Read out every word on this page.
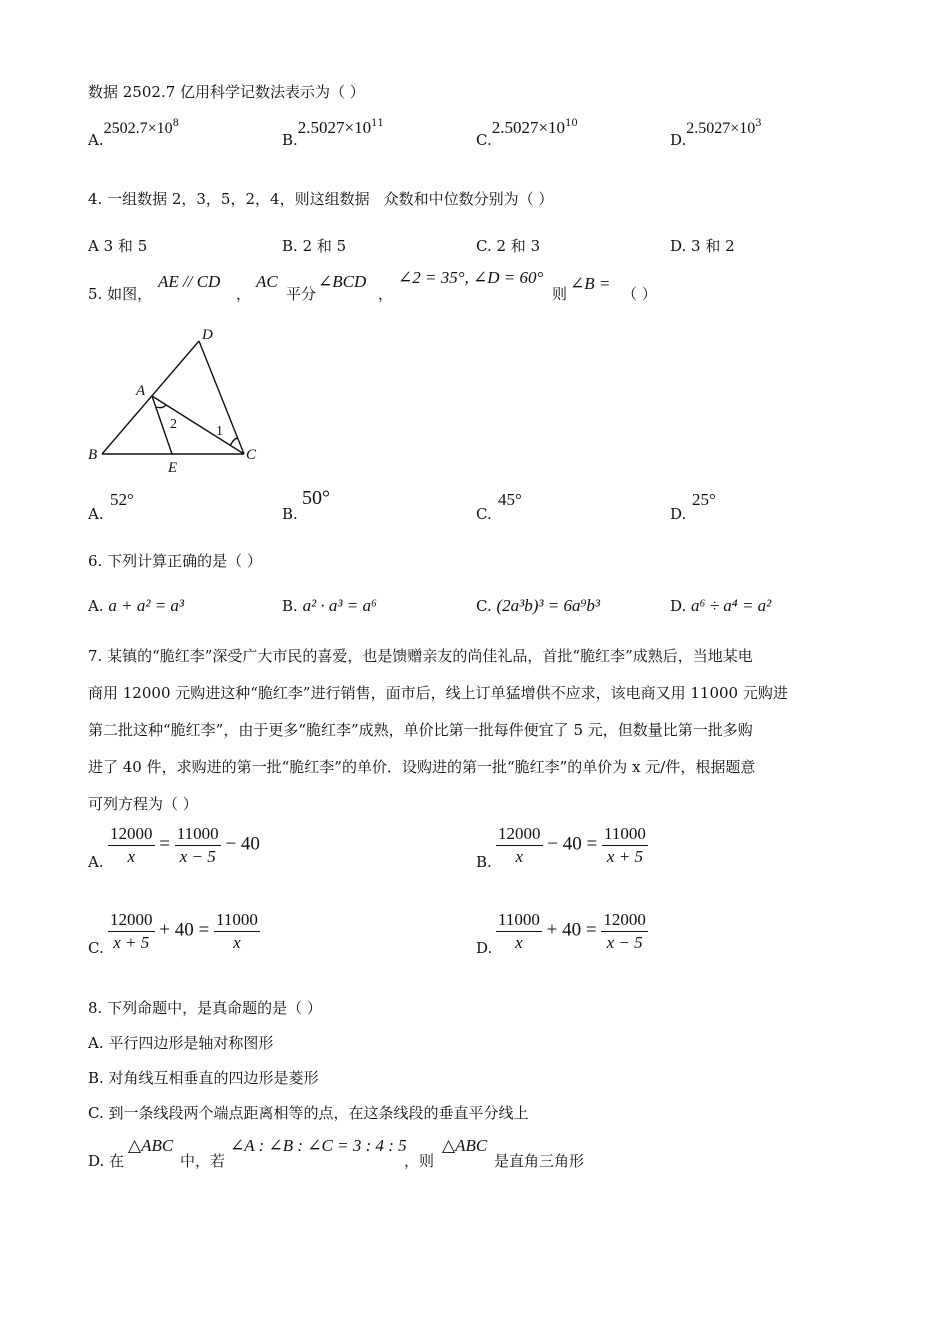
数据 2502.7 亿用科学记数法表示为（ ）
$A.2502.7\times 10^8$
$B.2.5027\times 10^{11}$
$C.2.5027\times 10^{10}$
$D.2.5027\times 10^3$
4. 一组数据 2，3，5，2，4，则这组数据 众数和中位数分别为（ ）
A 3 和 5	B. 2 和 5	C. 2 和 3	D. 3 和 2
5. 如图，
AE // CD
，
AC
平分
∠BCD
，
∠2 = 35°, ∠D = 60°
则
∠B =
（ ）
D
A
B
E
C
2	1
A.
52°
B.
50°
C.
45°
D.
25°
6. 下列计算正确的是（ ）
A. a + a² = a³	B. a² · a³ = a⁶	C. (2a³b)³ = 6a⁹b³	D. a⁶ ÷ a⁴ = a²
7. 某镇的“脆红李”深受广大市民的喜爱，也是馈赠亲友的尚佳礼品，首批“脆红李”成熟后，当地某电
商用 12000 元购进这种“脆红李”进行销售，面市后，线上订单猛增供不应求，该电商又用 11000 元购进
第二批这种“脆红李”，由于更多“脆红李”成熟，单价比第一批每件便宜了 5 元，但数量比第一批多购
进了 40 件，求购进的第一批“脆红李”的单价．设购进的第一批“脆红李”的单价为 x 元/件，根据题意
可列方程为（ ）
A. $\frac{12000}{x} = \frac{11000}{x - 5} - 40$
B. $\frac{12000}{x} - 40 = \frac{11000}{x + 5}$
C. $\frac{12000}{x + 5} + 40 = \frac{11000}{x}$	D. $\frac{11000}{x} + 40 = \frac{12000}{x - 5}$
8. 下列命题中，是真命题的是（ ）
A. 平行四边形是轴对称图形
B. 对角线互相垂直的四边形是菱形
C. 到一条线段两个端点距离相等的点，在这条线段的垂直平分线上
D. 在
△ABC
中，若
∠A : ∠B : ∠C = 3 : 4 : 5
，则
△ABC
是直角三角形
